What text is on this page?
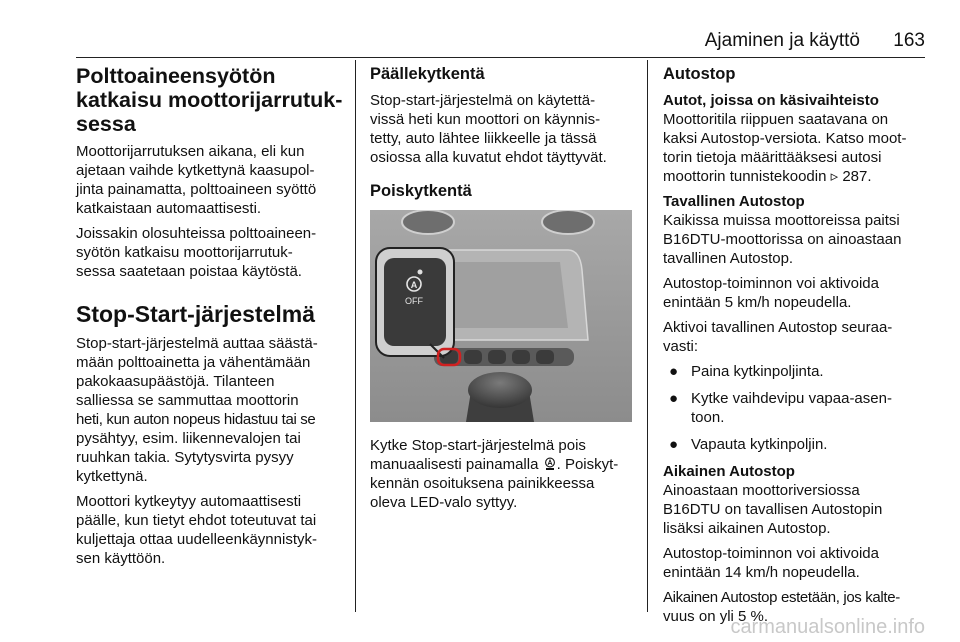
Ajaminen ja käyttö 163
Polttoaineensyötön
katkaisu moottorijarrutuk-
sessa

Moottorijarrutuksen aikana, eli kun
ajetaan vaihde kytkettynä kaasupol-
jinta painamatta, polttoaineen syöttö
katkaistaan automaattisesti.

Joissakin olosuhteissa polttoaineen-
syötön katkaisu moottorijarrutuk-
sessa saatetaan poistaa käytöstä.

Stop-Start-järjestelmä

Stop-start-järjestelmä auttaa säästä-
mään polttoainetta ja vähentämään
pakokaasupäästöjä. Tilanteen
salliessa se sammuttaa moottorin
heti, kun auton nopeus hidastuu tai se
pysähtyy, esim. liikennevalojen tai
ruuhkan takia. Sytytysvirta pysyy
kytkettynä.

Moottori kytkeytyy automaattisesti
päälle, kun tietyt ehdot toteutuvat tai
kuljettaja ottaa uudelleenkäynnistyk-
sen käyttöön.

Päällekytkentä

Stop-start-järjestelmä on käytettä-
vissä heti kun moottori on käynnis-
tetty, auto lähtee liikkeelle ja tässä
osiossa alla kuvatut ehdot täyttyvät.

Poiskytkentä
A
OFF

Kytke Stop-start-järjestelmä pois
manuaalisesti painamalla . Poiskyt-
kennän osoituksena painikkeessa
oleva LED-valo syttyy.

Autostop
Autot, joissa on käsivaihteisto

Moottoritila riippuen saatavana on
kaksi Autostop-versiota. Katso moot-
torin tietoja määrittääksesi autosi
moottorin tunnistekoodin ▹ 287.

Tavallinen Autostop

Kaikissa muissa moottoreissa paitsi
B16DTU-moottorissa on ainoastaan
tavallinen Autostop.

Autostop-toiminnon voi aktivoida
enintään 5 km/h nopeudella.

Aktivoi tavallinen Autostop seuraa-
vasti:

● Paina kytkinpoljinta.
● Kytke vaihdevipu vapaa-asen-
toon.
● Vapauta kytkinpoljin.
Aikainen Autostop

Ainoastaan moottoriversiossa
B16DTU on tavallisen Autostopin
lisäksi aikainen Autostop.

Autostop-toiminnon voi aktivoida
enintään 14 km/h nopeudella.

Aikainen Autostop estetään, jos kalte-
vuus on yli 5 %.

carmanualsonline.info
